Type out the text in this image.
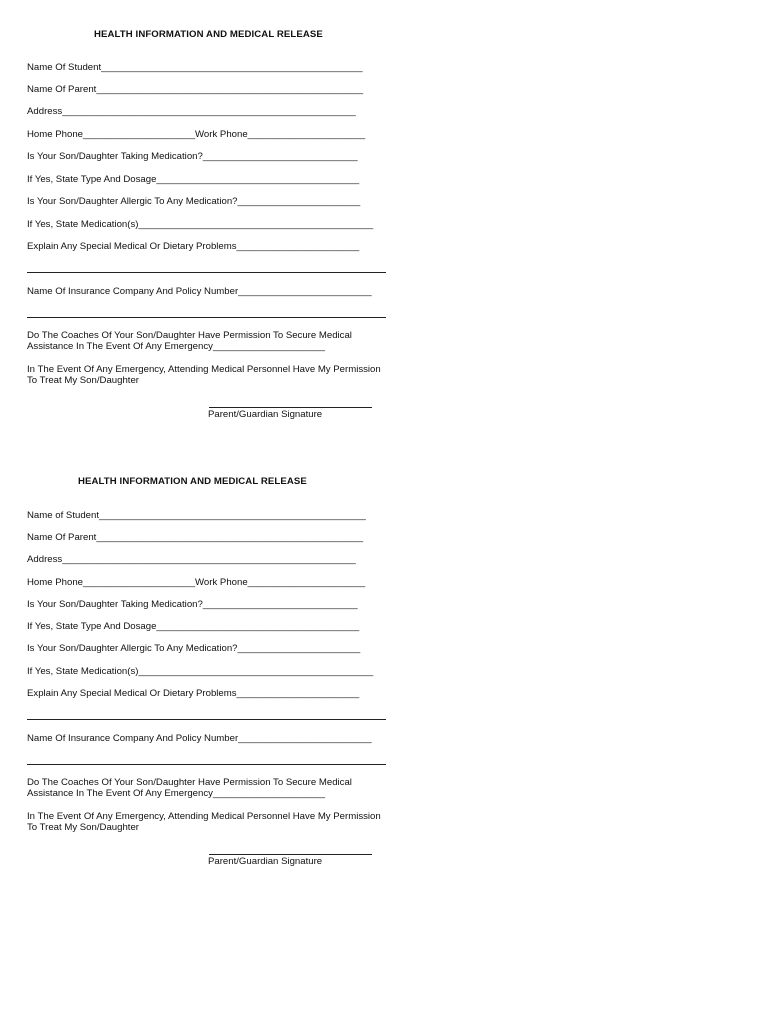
HEALTH INFORMATION AND MEDICAL RELEASE
Name Of Student_________________________________________________
Name Of Parent__________________________________________________
Address_______________________________________________________
Home Phone_____________________Work Phone______________________
Is Your Son/Daughter Taking Medication?_____________________________
If Yes, State Type And Dosage______________________________________
Is Your Son/Daughter Allergic To Any Medication?_______________________
If Yes, State Medication(s)____________________________________________
Explain Any Special Medical Or Dietary Problems_______________________
Name Of Insurance Company And Policy Number_________________________
Do The Coaches Of Your Son/Daughter Have Permission To Secure Medical Assistance In The Event Of Any Emergency_____________________
In The Event Of Any Emergency, Attending Medical Personnel Have My Permission To Treat My Son/Daughter
Parent/Guardian Signature
HEALTH INFORMATION AND MEDICAL RELEASE
Name of Student__________________________________________________
Name Of Parent__________________________________________________
Address_______________________________________________________
Home Phone_____________________Work Phone______________________
Is Your Son/Daughter Taking Medication?_____________________________
If Yes, State Type And Dosage______________________________________
Is Your Son/Daughter Allergic To Any Medication?_______________________
If Yes, State Medication(s)____________________________________________
Explain Any Special Medical Or Dietary Problems_______________________
Name Of Insurance Company And Policy Number_________________________
Do The Coaches Of Your Son/Daughter Have Permission To Secure Medical Assistance In The Event Of Any Emergency_____________________
In The Event Of Any Emergency, Attending Medical Personnel Have My Permission To Treat My Son/Daughter
Parent/Guardian Signature
